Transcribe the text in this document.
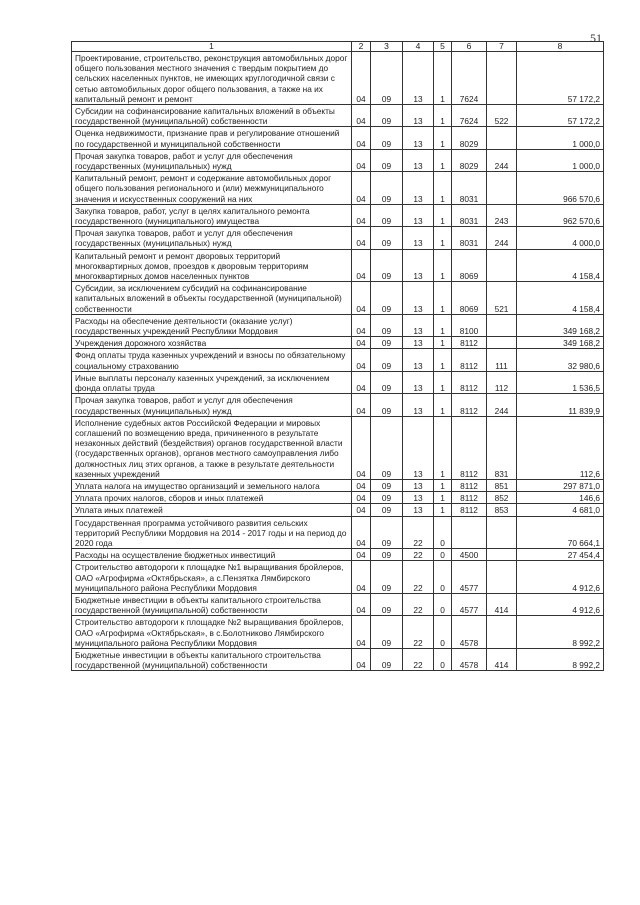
51
1	2	3	4	5	6	7	8
Проектирование, строительство, реконструкция автомобильных дорог общего пользования местного значения с твердым покрытием до сельских населенных пунктов, не имеющих круглогодичной связи с сетью автомобильных дорог общего пользования, а также на их капитальный ремонт и ремонт	04	09	13	1	7624		57 172,2
Субсидии на софинансирование капитальных вложений в объекты государственной (муниципальной) собственности	04	09	13	1	7624	522	57 172,2
Оценка недвижимости, признание прав и регулирование отношений по государственной и муниципальной собственности	04	09	13	1	8029		1 000,0
Прочая закупка товаров, работ и услуг для обеспечения государственных (муниципальных) нужд	04	09	13	1	8029	244	1 000,0
Капитальный ремонт, ремонт и содержание автомобильных дорог общего пользования регионального и (или) межмуниципального значения и искусственных сооружений на них	04	09	13	1	8031		966 570,6
Закупка товаров, работ, услуг в целях капитального ремонта государственного (муниципального) имущества	04	09	13	1	8031	243	962 570,6
Прочая закупка товаров, работ и услуг для обеспечения государственных (муниципальных) нужд	04	09	13	1	8031	244	4 000,0
Капитальный ремонт и ремонт дворовых территорий многоквартирных домов, проездов к дворовым территориям многоквартирных домов населенных пунктов	04	09	13	1	8069		4 158,4
Субсидии, за исключением субсидий на софинансирование капитальных вложений в объекты государственной (муниципальной) собственности	04	09	13	1	8069	521	4 158,4
Расходы на обеспечение деятельности (оказание услуг) государственных учреждений Республики Мордовия	04	09	13	1	8100		349 168,2
Учреждения дорожного хозяйства	04	09	13	1	8112		349 168,2
Фонд оплаты труда казенных учреждений и взносы по обязательному социальному страхованию	04	09	13	1	8112	111	32 980,6
Иные выплаты персоналу казенных учреждений, за исключением фонда оплаты труда	04	09	13	1	8112	112	1 536,5
Прочая закупка товаров, работ и услуг для обеспечения государственных (муниципальных) нужд	04	09	13	1	8112	244	11 839,9
Исполнение судебных актов Российской Федерации и мировых соглашений по возмещению вреда, причиненного в результате незаконных действий (бездействия) органов государственной власти (государственных органов), органов местного самоуправления либо должностных лиц этих органов, а также в результате деятельности казенных учреждений	04	09	13	1	8112	831	112,6
Уплата налога на имущество организаций и земельного налога	04	09	13	1	8112	851	297 871,0
Уплата прочих налогов, сборов и иных платежей	04	09	13	1	8112	852	146,6
Уплата иных платежей	04	09	13	1	8112	853	4 681,0
Государственная программа устойчивого развития сельских территорий Республики Мордовия на 2014 - 2017 годы и на период до 2020 года	04	09	22	0			70 664,1
Расходы на осуществление бюджетных инвестиций	04	09	22	0	4500		27 454,4
Строительство автодороги к площадке №1 выращивания бройлеров, ОАО «Агрофирма «Октябрьская», а с.Пензятка Лямбирского муниципального района Республики Мордовия	04	09	22	0	4577		4 912,6
Бюджетные инвестиции в объекты капитального строительства государственной (муниципальной) собственности	04	09	22	0	4577	414	4 912,6
Строительство автодороги к площадке №2 выращивания бройлеров, ОАО «Агрофирма «Октябрьская», в с.Болотниково Лямбирского муниципального района Республики Мордовия	04	09	22	0	4578		8 992,2
Бюджетные инвестиции в объекты капитального строительства государственной (муниципальной) собственности	04	09	22	0	4578	414	8 992,2
